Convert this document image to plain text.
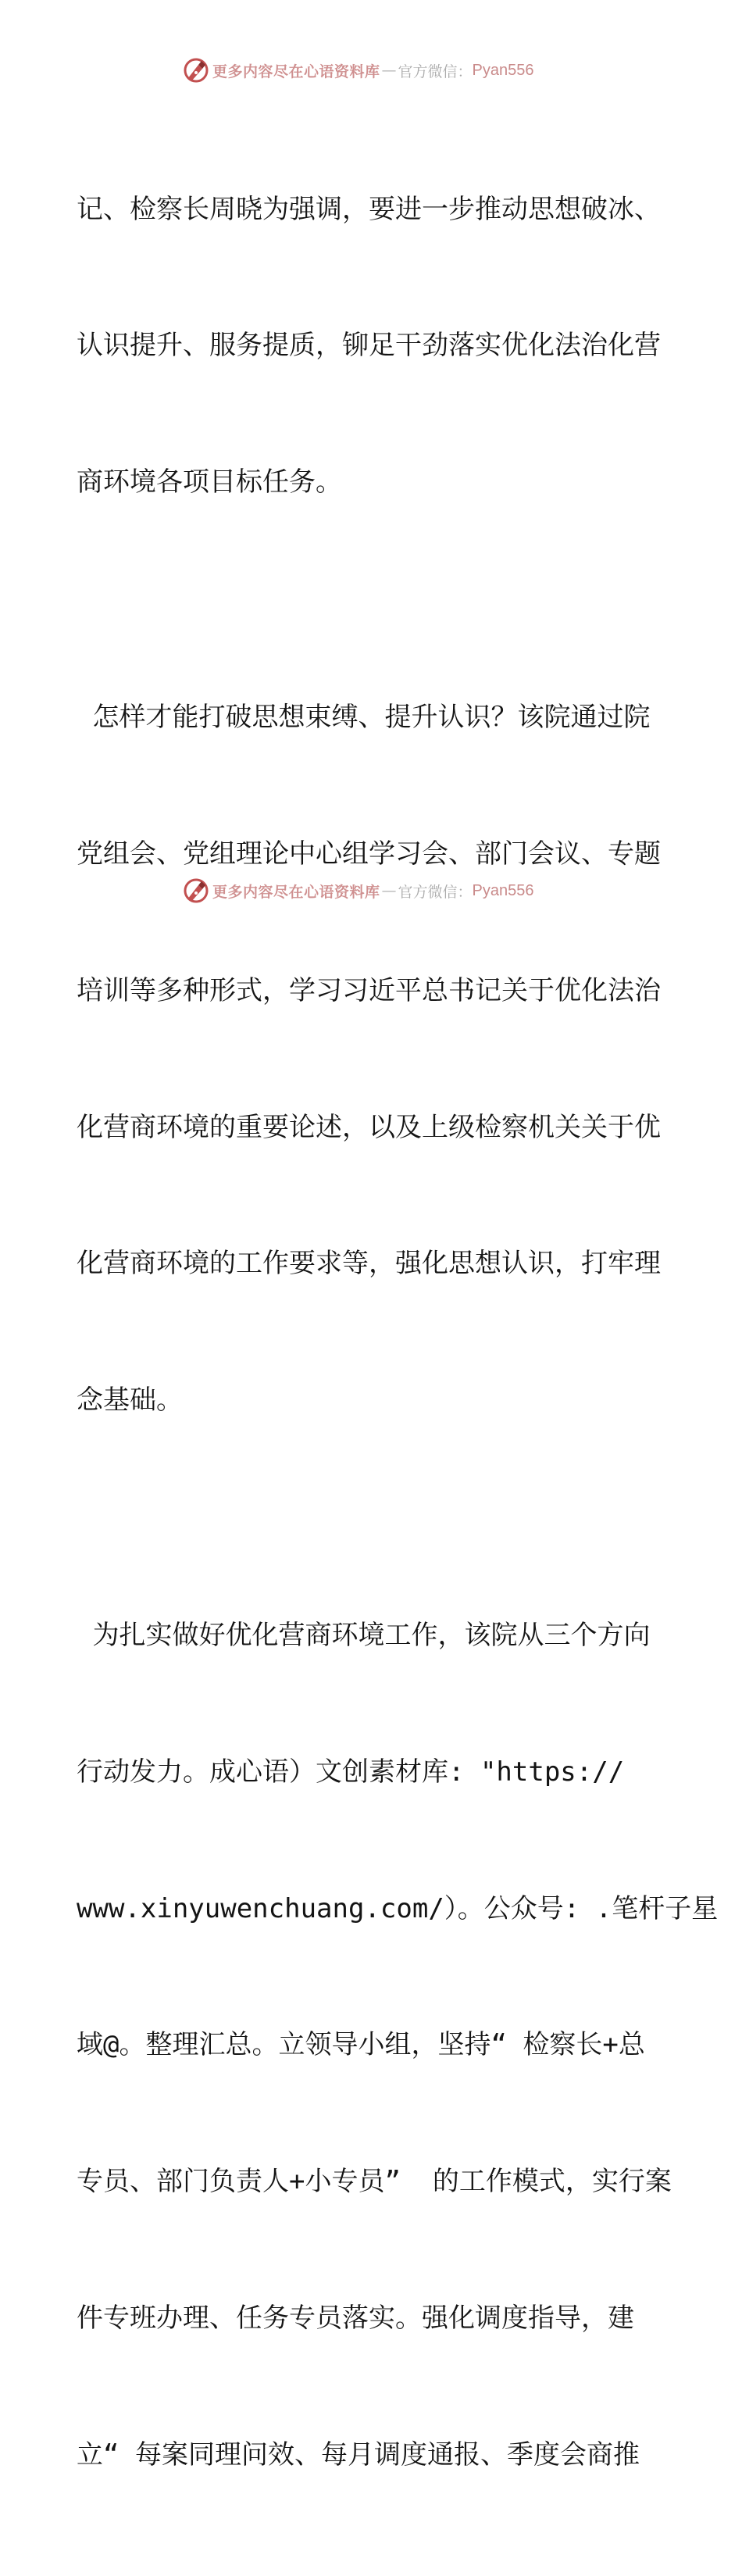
更多内容尽在心语资料库 — 官方微信： Pyan556

记、检察长周晓为强调，要进一步推动思想破冰、

认识提升、服务提质，铆足干劲落实优化法治化营

商环境各项目标任务。

怎样才能打破思想束缚、提升认识？该院通过院

党组会、党组理论中心组学习会、部门会议、专题

培训等多种形式，学习习近平总书记关于优化法治

化营商环境的重要论述，以及上级检察机关关于优

化营商环境的工作要求等，强化思想认识，打牢理

念基础。

为扎实做好优化营商环境工作，该院从三个方向

行动发力。成心语）文创素材库: "https://

www.xinyuwenchuang.com/）。公众号: .笔杆子星

域@。整理汇总。立领导小组，坚持“ 检察长+总

专员、部门负责人+小专员”  的工作模式，实行案

件专班办理、任务专员落实。强化调度指导，建

立“ 每案同理问效、每月调度通报、季度会商推

更多内容尽在心语资料库 — 官方微信： Pyan556
